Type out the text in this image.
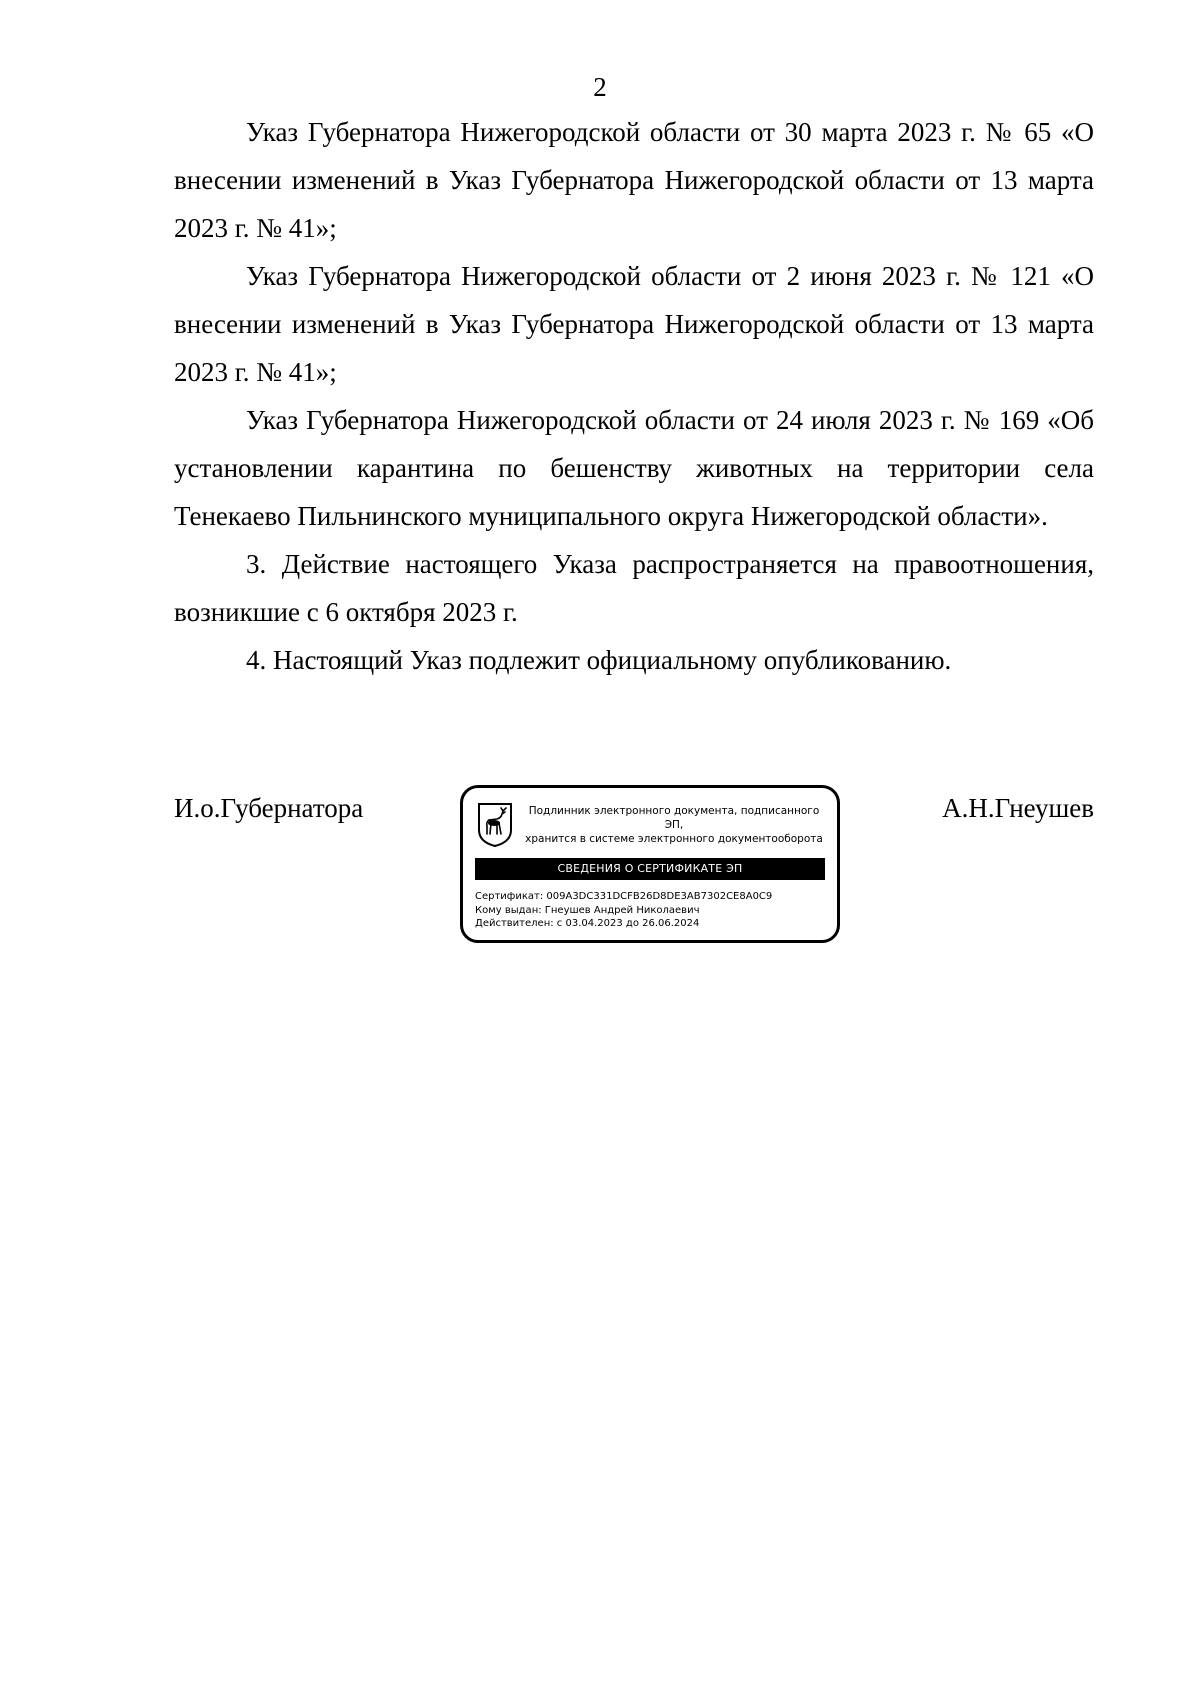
2

Указ Губернатора Нижегородской области от 30 марта 2023 г. № 65 «О внесении изменений в Указ Губернатора Нижегородской области от 13 марта 2023 г. № 41»;

Указ Губернатора Нижегородской области от 2 июня 2023 г. № 121 «О внесении изменений в Указ Губернатора Нижегородской области от 13 марта 2023 г. № 41»;

Указ Губернатора Нижегородской области от 24 июля 2023 г. № 169 «Об установлении карантина по бешенству животных на территории села Тенекаево Пильнинского муниципального округа Нижегородской области».

3. Действие настоящего Указа распространяется на правоотношения, возникшие с 6 октября 2023 г.

4. Настоящий Указ подлежит официальному опубликованию.

И.о.Губернатора	А.Н.Гнеушев
Подлинник электронного документа, подписанного ЭП,
хранится в системе электронного документооборота
СВЕДЕНИЯ О СЕРТИФИКАТЕ ЭП
Сертификат: 009A3DC331DCFB26D8DE3AB7302CE8A0C9
Кому выдан: Гнеушев Андрей Николаевич
Действителен: с 03.04.2023 до 26.06.2024
